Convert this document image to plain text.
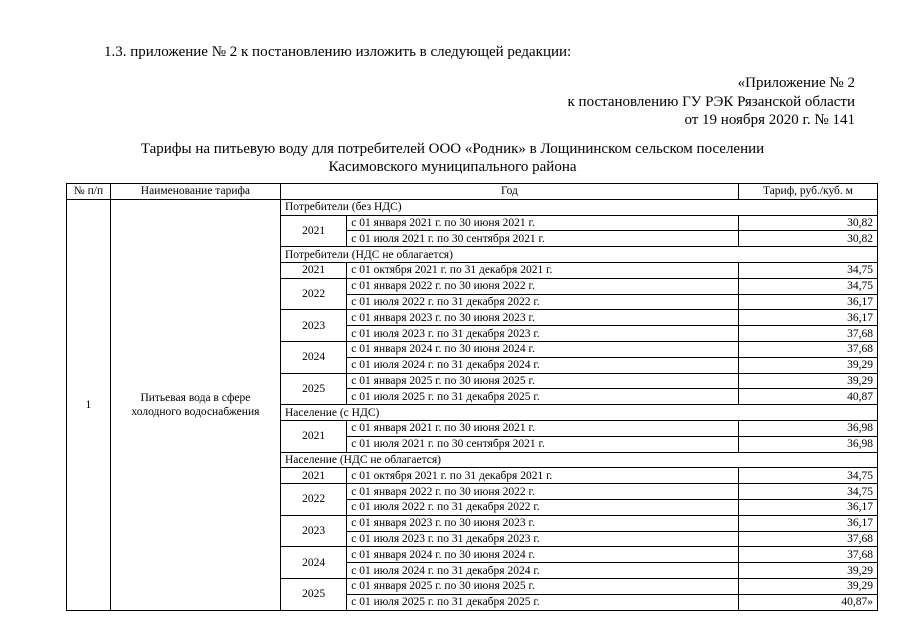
1.3. приложение № 2 к постановлению изложить в следующей редакции:
«Приложение № 2
к постановлению ГУ РЭК Рязанской области
от 19 ноября 2020 г. № 141
Тарифы на питьевую воду для потребителей ООО «Родник» в Лощининском сельском поселении
Касимовского муниципального района
№ п/п	Наименование тарифа	Год		Тариф, руб./куб. м
1	Питьевая вода в сфере холодного водоснабжения	Потребители (без НДС)		
		2021	с 01 января 2021 г. по 30 июня 2021 г.	30,82
			с 01 июля 2021 г. по 30 сентября 2021 г.	30,82
		Потребители (НДС не облагается)		
		2021	с 01 октября 2021 г. по 31 декабря 2021 г.	34,75
		2022	с 01 января 2022 г. по 30 июня 2022 г.	34,75
			с 01 июля 2022 г. по 31 декабря 2022 г.	36,17
		2023	с 01 января 2023 г. по 30 июня 2023 г.	36,17
			с 01 июля 2023 г. по 31 декабря 2023 г.	37,68
		2024	с 01 января 2024 г. по 30 июня 2024 г.	37,68
			с 01 июля 2024 г. по 31 декабря 2024 г.	39,29
		2025	с 01 января 2025 г. по 30 июня 2025 г.	39,29
			с 01 июля 2025 г. по 31 декабря 2025 г.	40,87
		Население (с НДС)		
		2021	с 01 января 2021 г. по 30 июня 2021 г.	36,98
			с 01 июля 2021 г. по 30 сентября 2021 г.	36,98
		Население (НДС не облагается)		
		2021	с 01 октября 2021 г. по 31 декабря 2021 г.	34,75
		2022	с 01 января 2022 г. по 30 июня 2022 г.	34,75
			с 01 июля 2022 г. по 31 декабря 2022 г.	36,17
		2023	с 01 января 2023 г. по 30 июня 2023 г.	36,17
			с 01 июля 2023 г. по 31 декабря 2023 г.	37,68
		2024	с 01 января 2024 г. по 30 июня 2024 г.	37,68
			с 01 июля 2024 г. по 31 декабря 2024 г.	39,29
		2025	с 01 января 2025 г. по 30 июня 2025 г.	39,29
			с 01 июля 2025 г. по 31 декабря 2025 г.	40,87»
